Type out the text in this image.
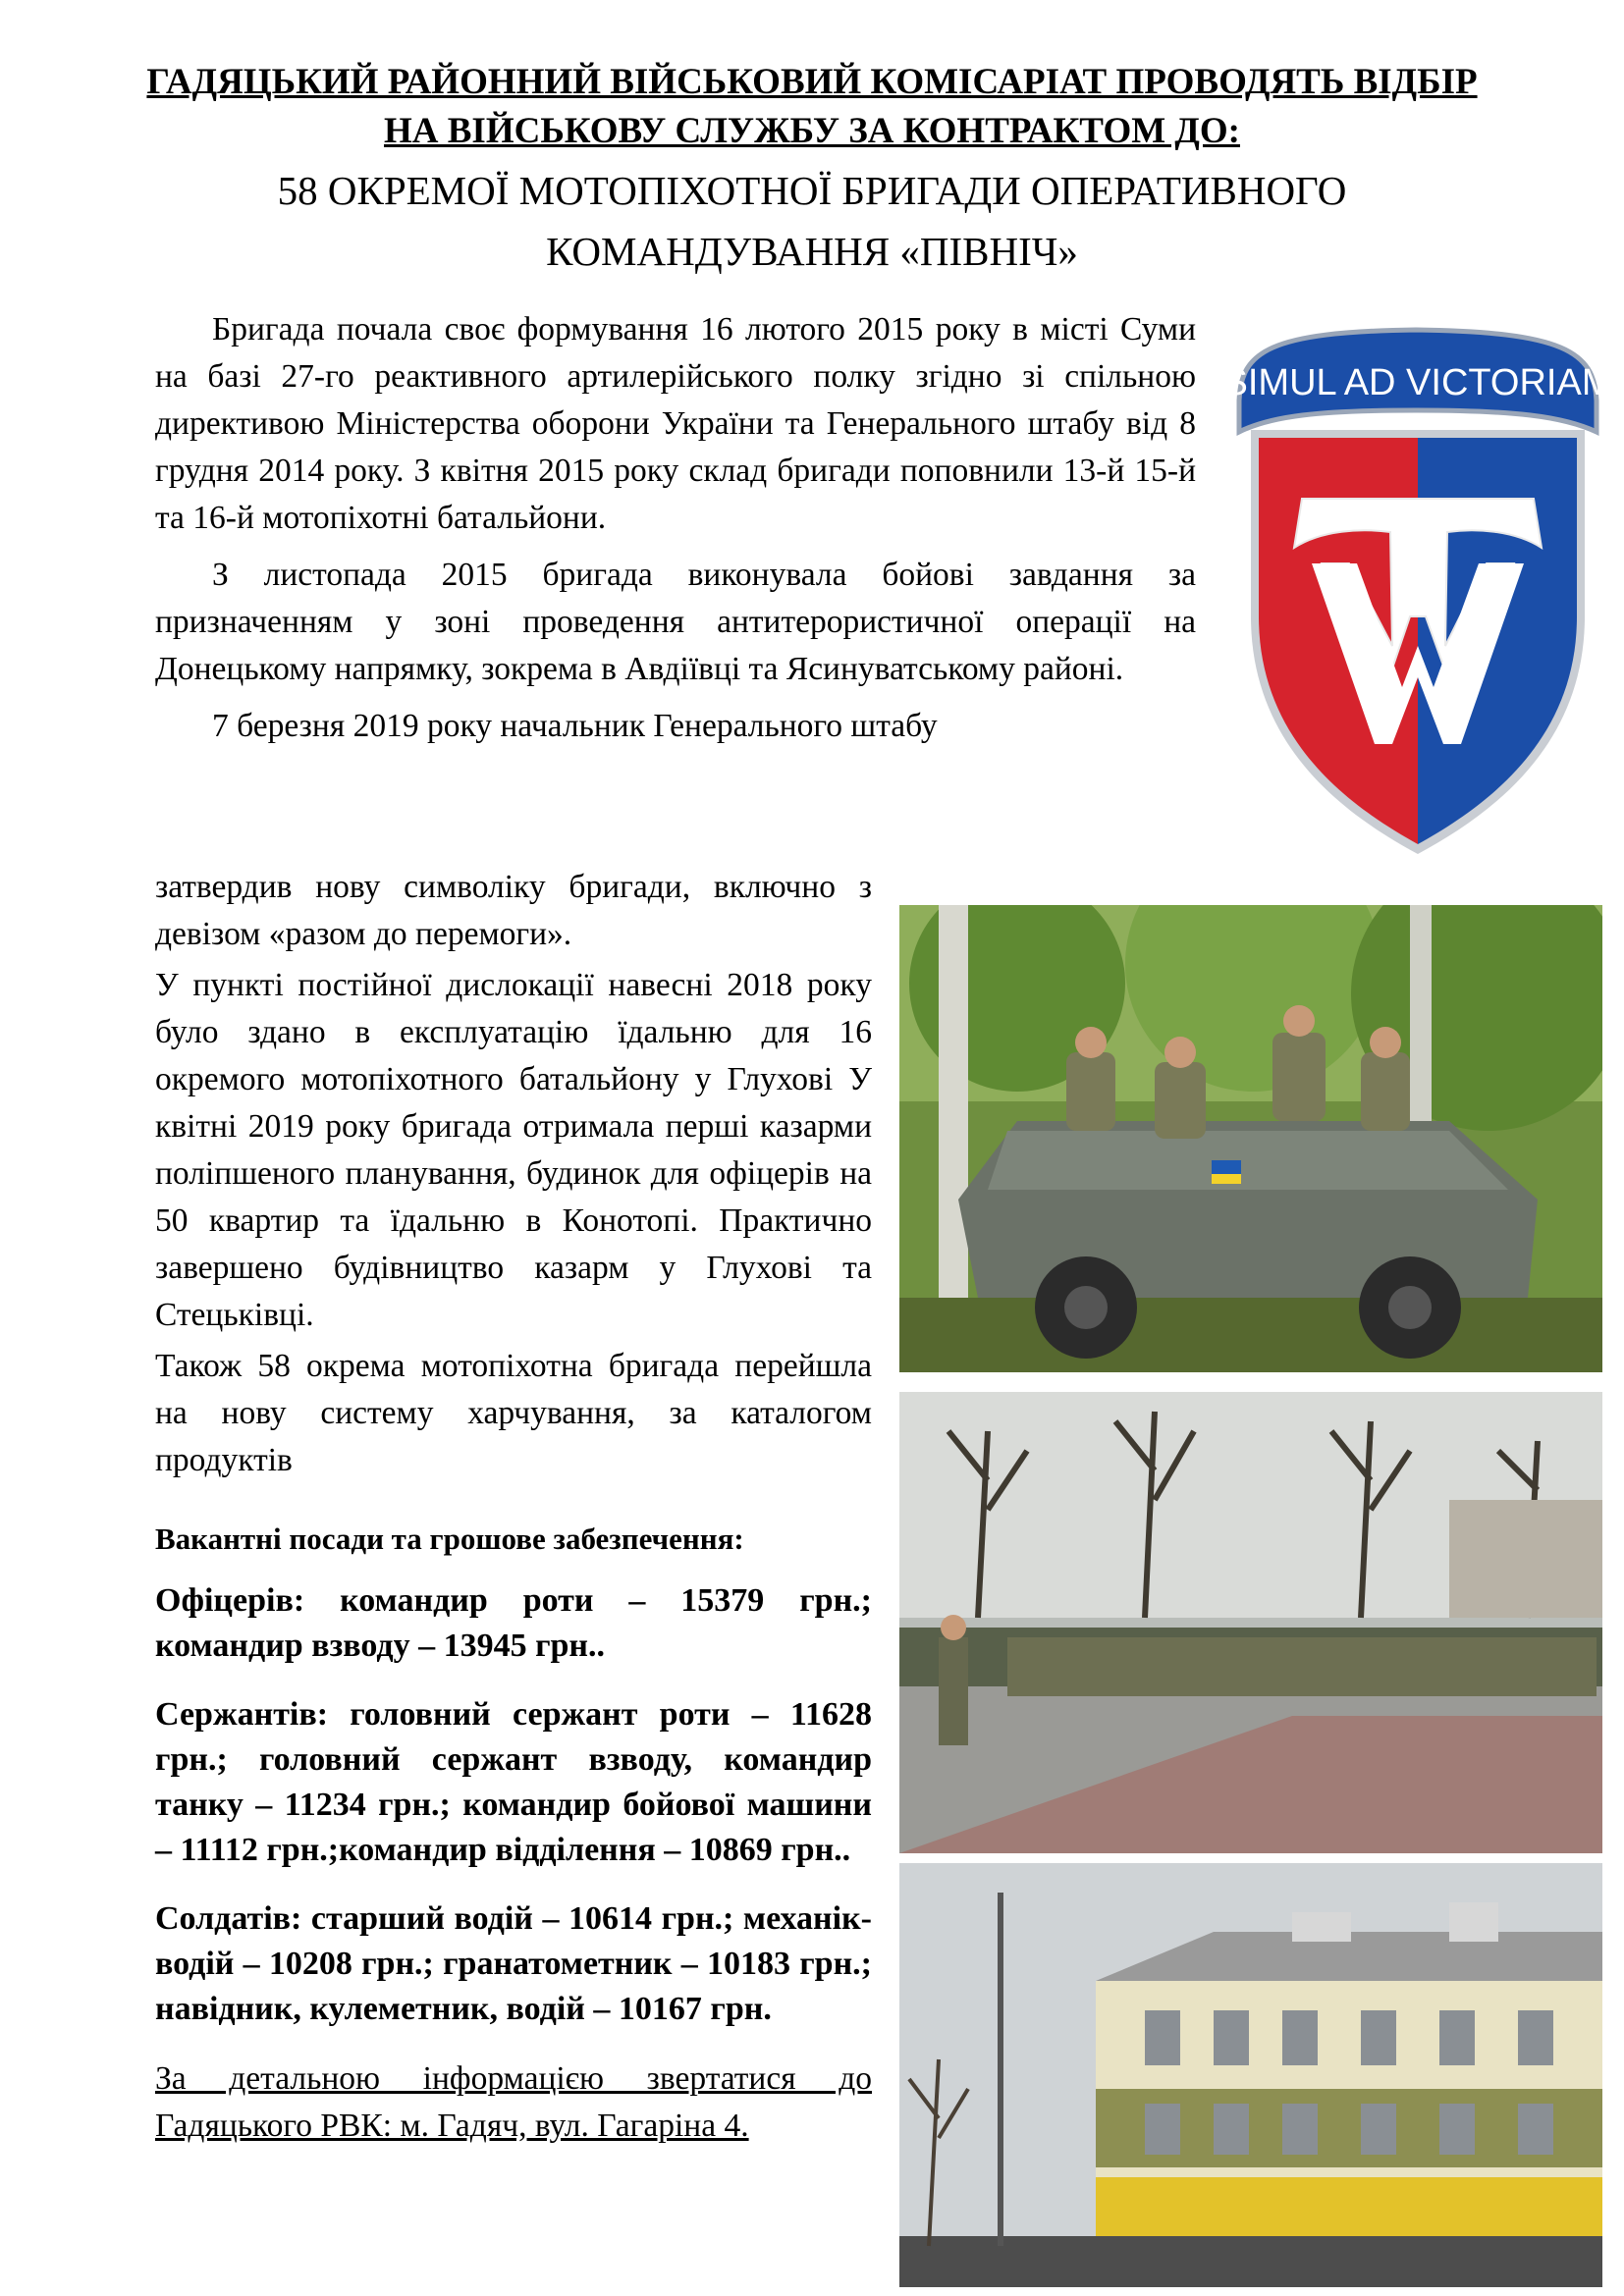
ГАДЯЦЬКИЙ РАЙОННИЙ ВІЙСЬКОВИЙ КОМІСАРІАТ ПРОВОДЯТЬ ВІДБІР

НА ВІЙСЬКОВУ СЛУЖБУ ЗА КОНТРАКТОМ ДО:

58 ОКРЕМОЇ МОТОПІХОТНОЇ БРИГАДИ ОПЕРАТИВНОГО

КОМАНДУВАННЯ «ПІВНІЧ»

SIMUL AD VICTORIAM

Бригада почала своє формування 16 лютого 2015 року в місті Суми на базі 27-го реактивного артилерійського полку згідно зі спільною директивою Міністерства оборони України та Генерального штабу від 8 грудня 2014 року. З квітня 2015 року склад бригади поповнили 13-й 15-й та 16-й мотопіхотні батальйони.

З листопада 2015 бригада виконувала бойові завдання за призначенням у зоні проведення антитерористичної операції на Донецькому напрямку, зокрема в Авдіївці та Ясинуватському районі.

7 березня 2019 року начальник Генерального штабу

затвердив нову символіку бригади, включно з девізом «разом до перемоги».

У пункті постійної дислокації навесні 2018 року було здано в експлуатацію їдальню для 16 окремого мотопіхотного батальйону у Глухові У квітні 2019 року бригада отримала перші казарми поліпшеного планування, будинок для офіцерів на 50 квартир та їдальню в Конотопі. Практично завершено будівництво казарм у Глухові та Стецьківці.

Також 58 окрема мотопіхотна бригада перейшла на нову систему харчування, за каталогом продуктів

Вакантні посади та грошове забезпечення:

Офіцерів: командир роти – 15379 грн.; командир взводу – 13945 грн..

Сержантів: головний сержант роти – 11628 грн.; головний сержант взводу, командир танку – 11234 грн.; командир бойової машини – 11112 грн.;командир відділення – 10869 грн..

Солдатів: старший водій – 10614 грн.; механік-водій – 10208 грн.; гранатометник – 10183 грн.; навідник, кулеметник, водій – 10167 грн.

За детальною інформацією звертатися до Гадяцького РВК: м. Гадяч, вул. Гагаріна 4.
